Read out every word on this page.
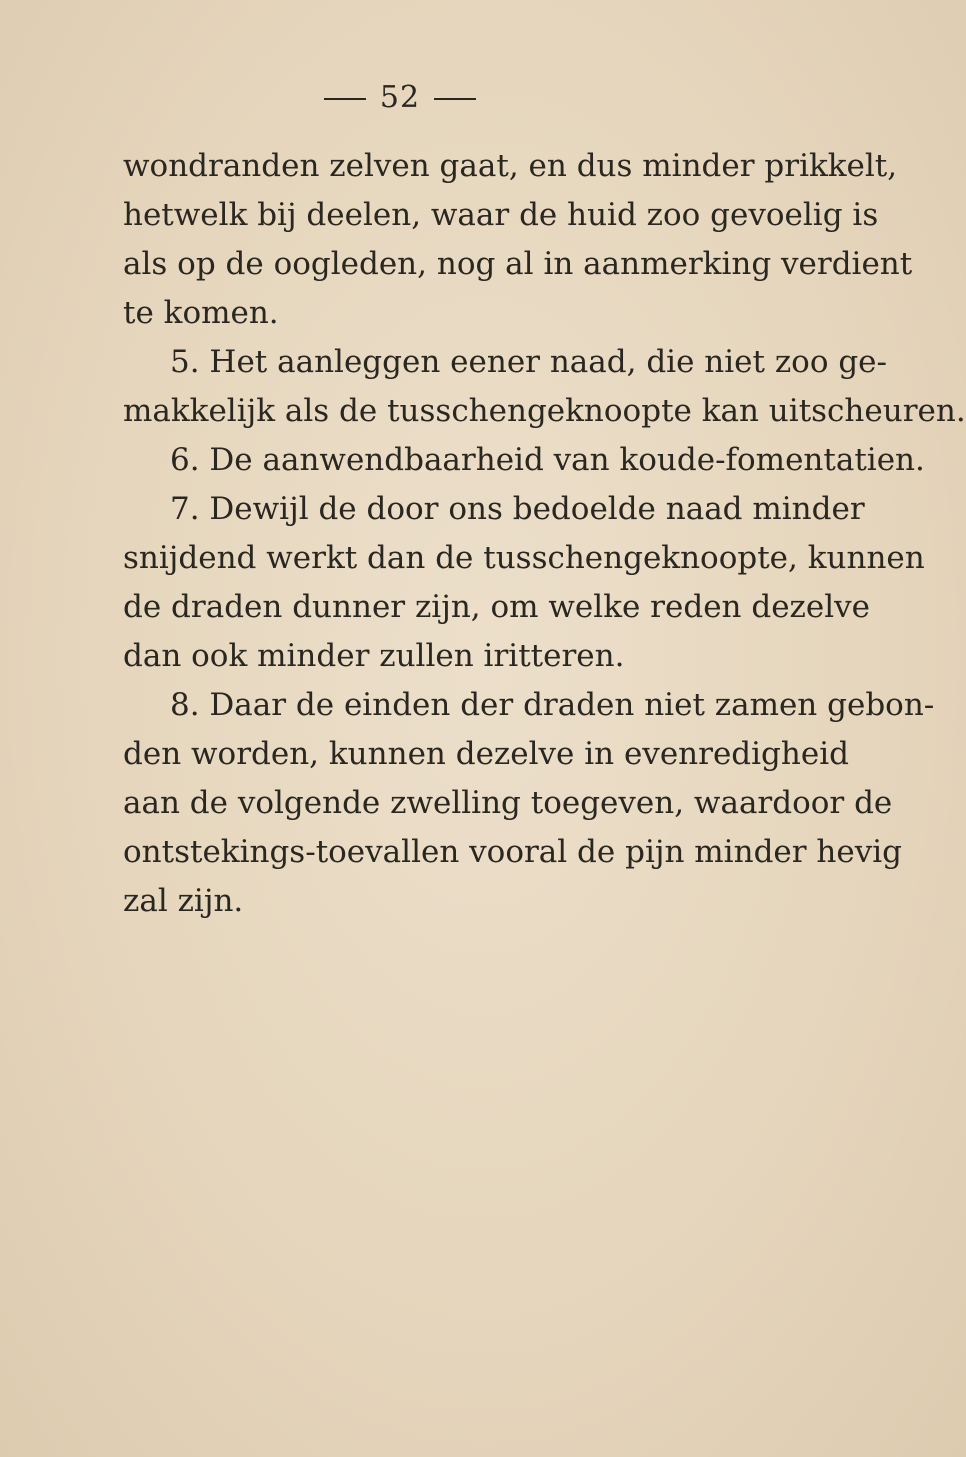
52
wondranden zelven gaat, en dus minder prikkelt,
hetwelk bij deelen, waar de huid zoo gevoelig is
als op de oogleden, nog al in aanmerking verdient
te komen.
5. Het aanleggen eener naad, die niet zoo ge-
makkelijk als de tusschengeknoopte kan uitscheuren.
6. De aanwendbaarheid van koude-fomentatien.
7. Dewijl de door ons bedoelde naad minder
snijdend werkt dan de tusschengeknoopte, kunnen
de draden dunner zijn, om welke reden dezelve
dan ook minder zullen iritteren.
8. Daar de einden der draden niet zamen gebon-
den worden, kunnen dezelve in evenredigheid
aan de volgende zwelling toegeven, waardoor de
ontstekings-toevallen vooral de pijn minder hevig
zal zijn.
